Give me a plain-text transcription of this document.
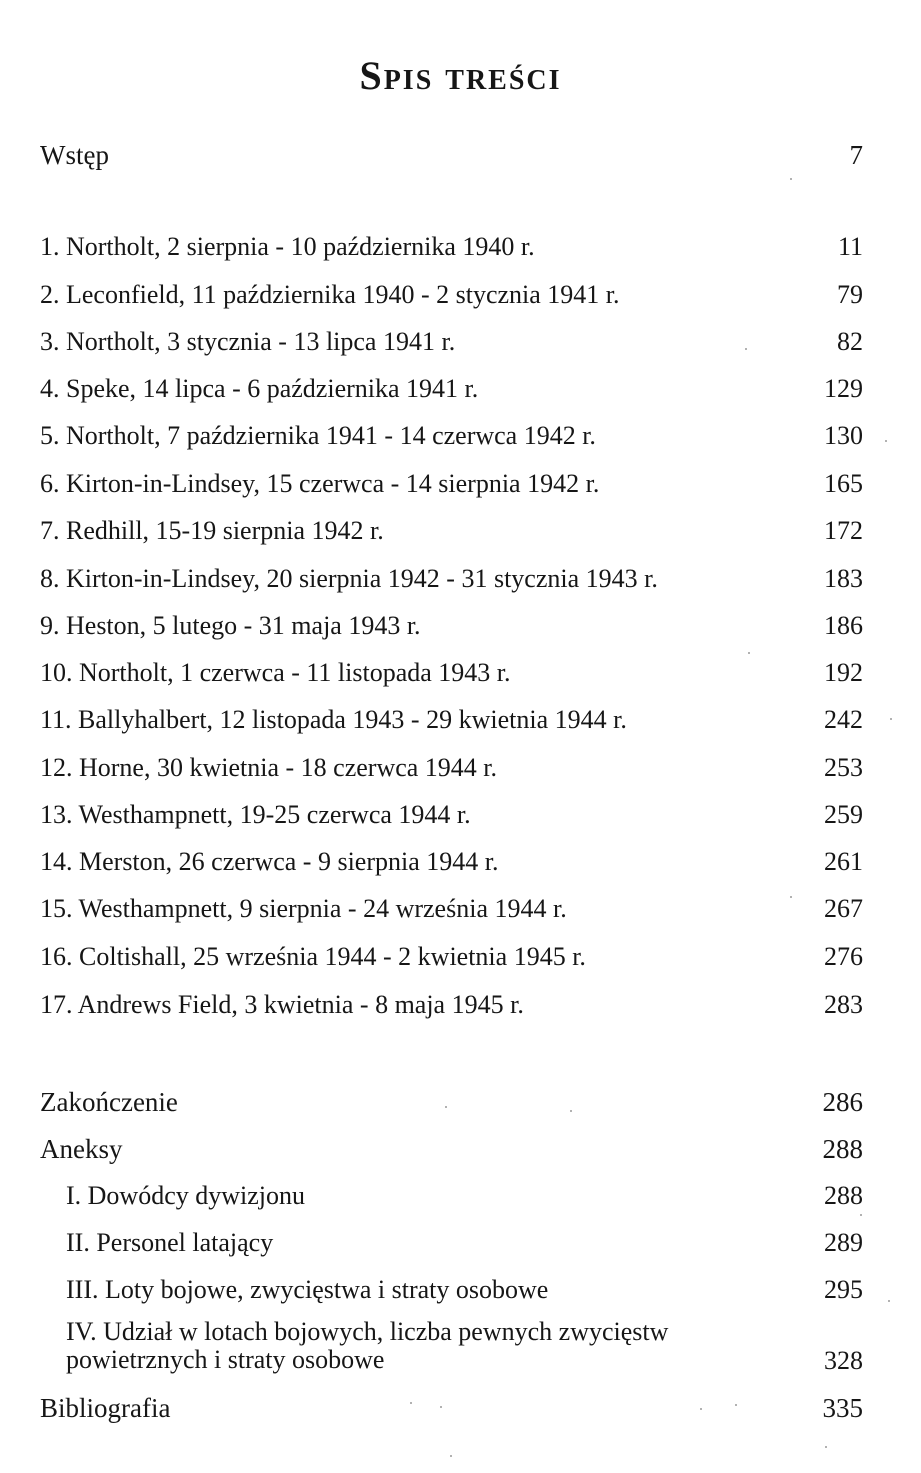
Spis treści
Wstęp	7
1. Northolt, 2 sierpnia - 10 października 1940 r.	11
2. Leconfield, 11 października 1940 - 2 stycznia 1941 r.	79
3. Northolt, 3 stycznia - 13 lipca 1941 r.	82
4. Speke, 14 lipca - 6 października 1941 r.	129
5. Northolt, 7 października 1941 - 14 czerwca 1942 r.	130
6. Kirton-in-Lindsey, 15 czerwca - 14 sierpnia 1942 r.	165
7. Redhill, 15-19 sierpnia 1942 r.	172
8. Kirton-in-Lindsey, 20 sierpnia 1942 - 31 stycznia 1943 r.	183
9. Heston, 5 lutego - 31 maja 1943 r.	186
10. Northolt, 1 czerwca - 11 listopada 1943 r.	192
11. Ballyhalbert, 12 listopada 1943 - 29 kwietnia 1944 r.	242
12. Horne, 30 kwietnia - 18 czerwca 1944 r.	253
13. Westhampnett, 19-25 czerwca 1944 r.	259
14. Merston, 26 czerwca - 9 sierpnia 1944 r.	261
15. Westhampnett, 9 sierpnia - 24 września 1944 r.	267
16. Coltishall, 25 września 1944 - 2 kwietnia 1945 r.	276
17. Andrews Field, 3 kwietnia - 8 maja 1945 r.	283
Zakończenie	286
Aneksy	288
I. Dowódcy dywizjonu	288
II. Personel latający	289
III. Loty bojowe, zwycięstwa i straty osobowe	295
IV. Udział w lotach bojowych, liczba pewnych zwycięstw powietrznych i straty osobowe	328
Bibliografia	335
